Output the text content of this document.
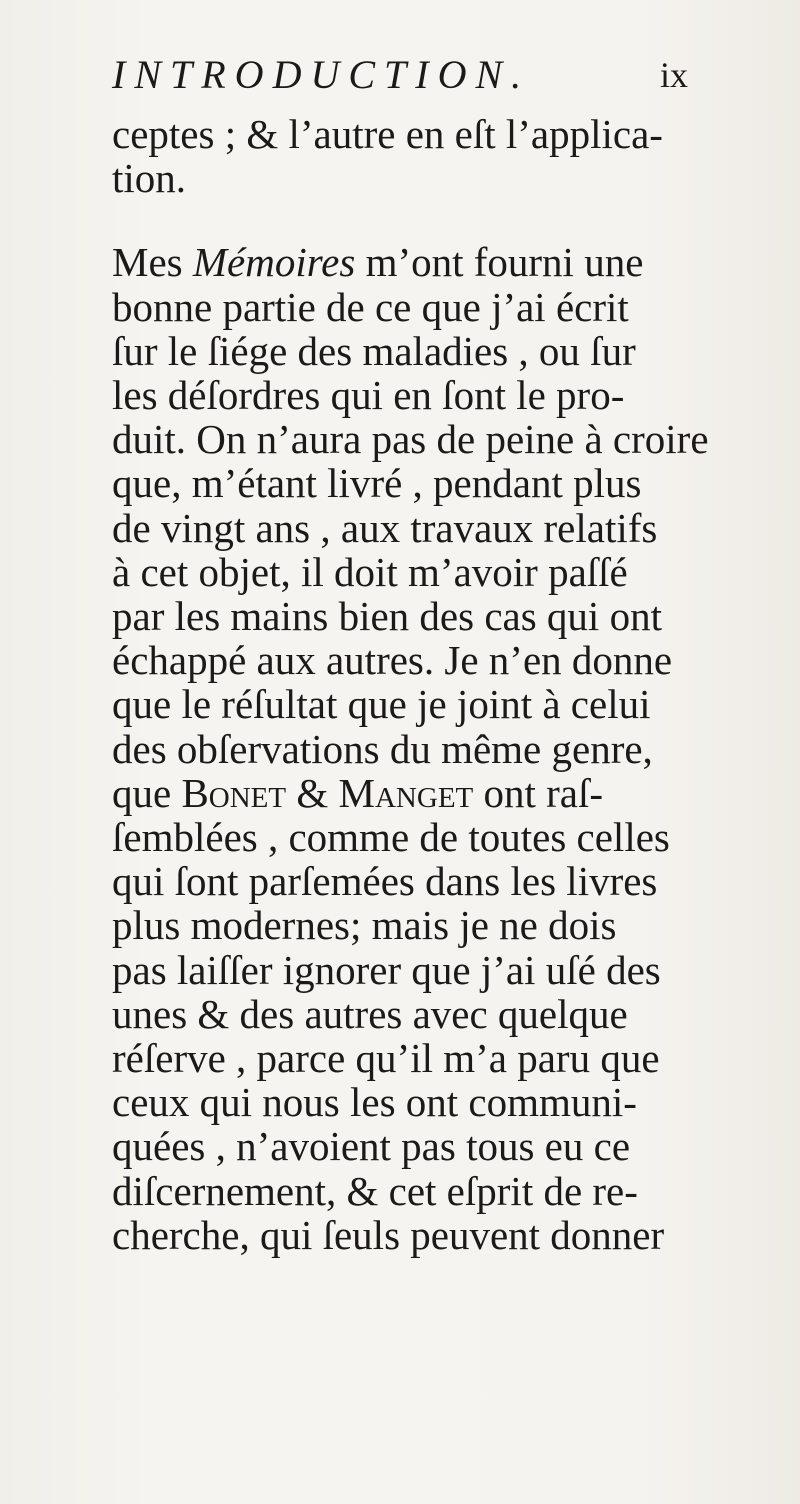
INTRODUCTION.	ix

ceptes ; & l’autre en eſt l’applica-

tion.

Mes Mémoires m’ont fourni une

bonne partie de ce que j’ai écrit

ſur le ſiége des maladies , ou ſur

les déſordres qui en ſont le pro-

duit. On n’aura pas de peine à croire

que, m’étant livré , pendant plus

de vingt ans , aux travaux relatifs

à cet objet, il doit m’avoir paſſé

par les mains bien des cas qui ont

échappé aux autres. Je n’en donne

que le réſultat que je joint à celui

des obſervations du même genre,

que Bonet & Manget ont raſ-

ſemblées , comme de toutes celles

qui ſont parſemées dans les livres

plus modernes; mais je ne dois

pas laiſſer ignorer que j’ai uſé des

unes & des autres avec quelque

réſerve , parce qu’il m’a paru que

ceux qui nous les ont communi-

quées , n’avoient pas tous eu ce

diſcernement, & cet eſprit de re-

cherche, qui ſeuls peuvent donner
